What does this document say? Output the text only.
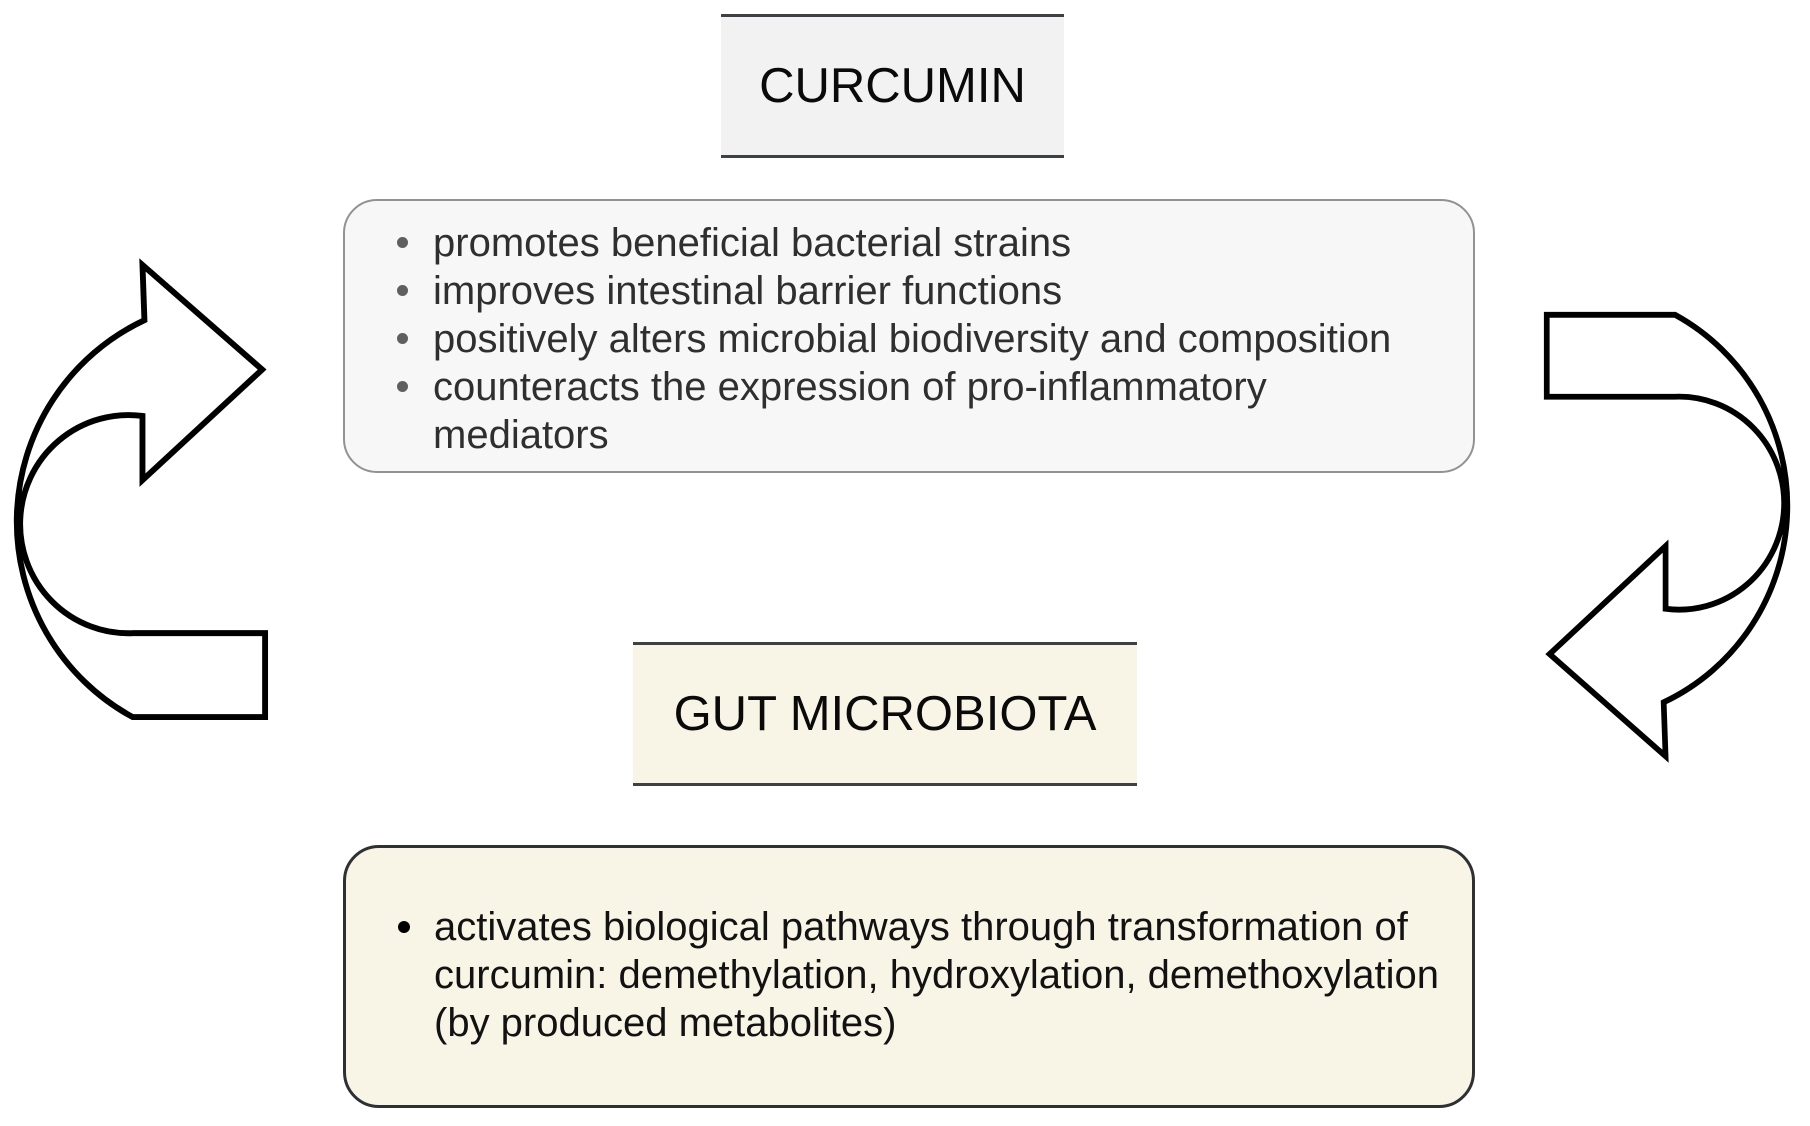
CURCUMIN
promotes beneficial bacterial strains
improves intestinal barrier functions
positively alters microbial biodiversity and composition
counteracts the expression of pro-inflammatory mediators
GUT MICROBIOTA
activates biological pathways through transformation of curcumin: demethylation, hydroxylation, demethoxylation (by produced metabolites)
